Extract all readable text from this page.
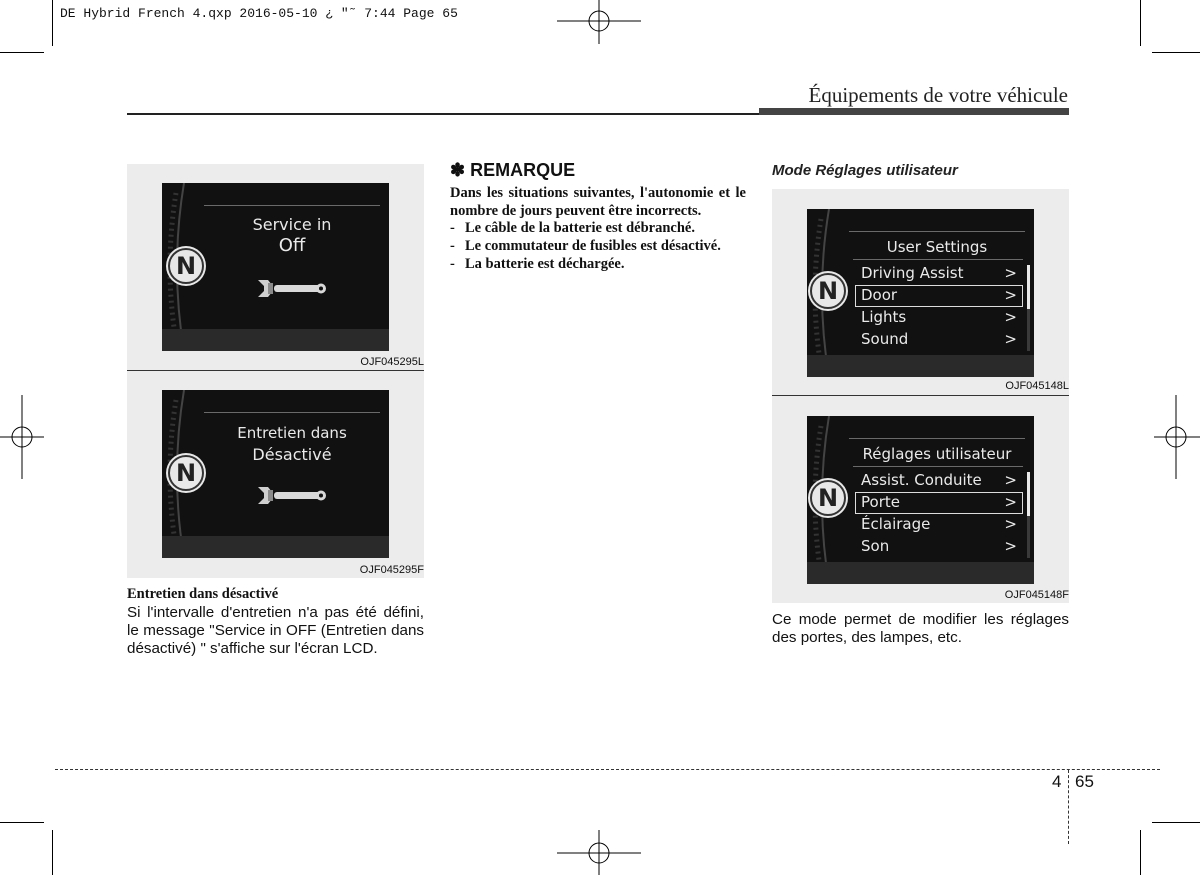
DE Hybrid French 4.qxp 2016-05-10 ¿ "˜ 7:44 Page 65
Équipements de votre véhicule
Service in
Off
N
OJF045295L
Entretien dans
Désactivé
N
OJF045295F
Entretien dans désactivé
Si l'intervalle d'entretien n'a pas été défini, le message "Service in OFF (Entretien dans désactivé) " s'affiche sur l'écran LCD.
✽ REMARQUE

Dans les situations suivantes, l'autonomie et le nombre de jours peuvent être incorrects.

- Le câble de la batterie est débranché.
- Le commutateur de fusibles est désactivé.
- La batterie est déchargée.
Mode Réglages utilisateur
User Settings
Driving Assist	>
Door	>
Lights	>
Sound	>
N
OJF045148L
Réglages utilisateur
Assist. Conduite >
Porte	>
Éclairage	>
Son	>
N
OJF045148F
Ce mode permet de modifier les réglages des portes, des lampes, etc.
4 65
